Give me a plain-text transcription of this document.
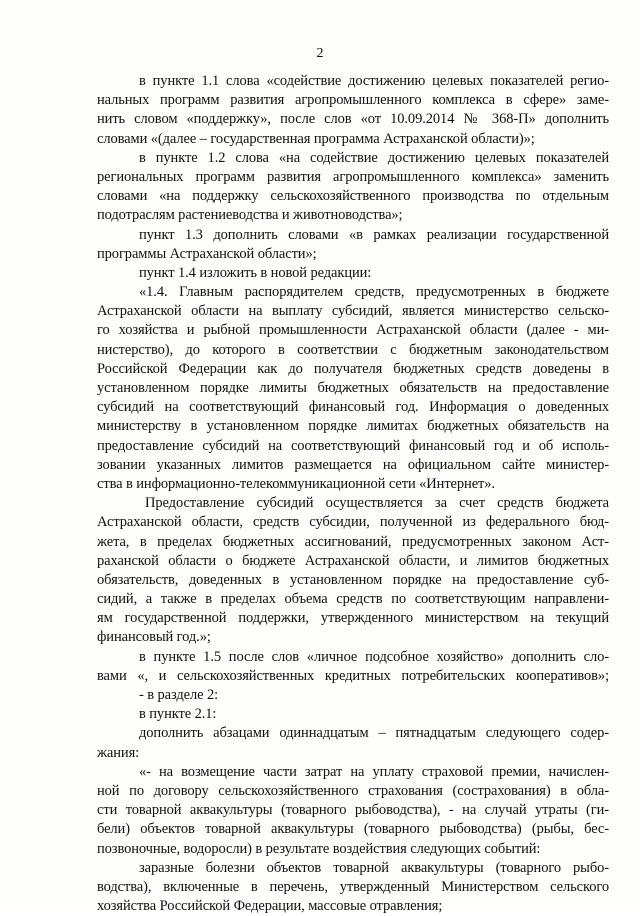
2
в пункте 1.1 слова «содействие достижению целевых показателей регио-
нальных программ развития агропромышленного комплекса в сфере» заме-
нить словом «поддержку», после слов «от 10.09.2014 № 368-П» дополнить
словами «(далее – государственная программа Астраханской области)»;
в пункте 1.2 слова «на содействие достижению целевых показателей
региональных программ развития агропромышленного комплекса» заменить
словами «на поддержку сельскохозяйственного производства по отдельным
подотраслям растениеводства и животноводства»;
пункт 1.3 дополнить словами «в рамках реализации государственной
программы Астраханской области»;
пункт 1.4 изложить в новой редакции:
«1.4. Главным распорядителем средств, предусмотренных в бюджете
Астраханской области на выплату субсидий, является министерство сельско-
го хозяйства и рыбной промышленности Астраханской области (далее - ми-
нистерство), до которого в соответствии с бюджетным законодательством
Российской Федерации как до получателя бюджетных средств доведены в
установленном порядке лимиты бюджетных обязательств на предоставление
субсидий на соответствующий финансовый год. Информация о доведенных
министерству в установленном порядке лимитах бюджетных обязательств на
предоставление субсидий на соответствующий финансовый год и об исполь-
зовании указанных лимитов размещается на официальном сайте министер-
ства в информационно-телекоммуникационной сети «Интернет».
Предоставление субсидий осуществляется за счет средств бюджета
Астраханской области, средств субсидии, полученной из федерального бюд-
жета, в пределах бюджетных ассигнований, предусмотренных законом Аст-
раханской области о бюджете Астраханской области, и лимитов бюджетных
обязательств, доведенных в установленном порядке на предоставление суб-
сидий, а также в пределах объема средств по соответствующим направлени-
ям государственной поддержки, утвержденного министерством на текущий
финансовый год.»;
в пункте 1.5 после слов «личное подсобное хозяйство» дополнить сло-
вами «, и сельскохозяйственных кредитных потребительских кооперативов»;
- в разделе 2:
в пункте 2.1:
дополнить абзацами одиннадцатым – пятнадцатым следующего содер-
жания:
«- на возмещение части затрат на уплату страховой премии, начислен-
ной по договору сельскохозяйственного страхования (сострахования) в обла-
сти товарной аквакультуры (товарного рыбоводства), - на случай утраты (ги-
бели) объектов товарной аквакультуры (товарного рыбоводства) (рыбы, бес-
позвоночные, водоросли) в результате воздействия следующих событий:
заразные болезни объектов товарной аквакультуры (товарного рыбо-
водства), включенные в перечень, утвержденный Министерством сельского
хозяйства Российской Федерации, массовые отравления;
